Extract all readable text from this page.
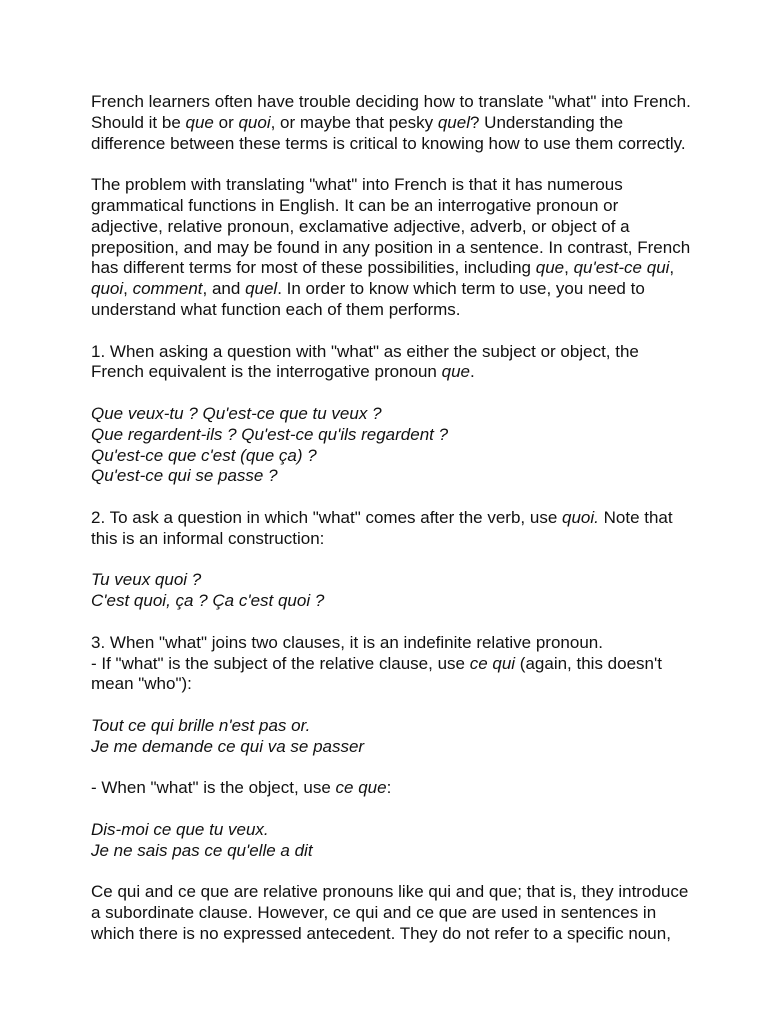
French learners often have trouble deciding how to translate "what" into French.
Should it be que or quoi, or maybe that pesky quel? Understanding the
difference between these terms is critical to knowing how to use them correctly.
The problem with translating "what" into French is that it has numerous
grammatical functions in English. It can be an interrogative pronoun or
adjective, relative pronoun, exclamative adjective, adverb, or object of a
preposition, and may be found in any position in a sentence. In contrast, French
has different terms for most of these possibilities, including que, qu'est-ce qui,
quoi, comment, and quel. In order to know which term to use, you need to
understand what function each of them performs.
1. When asking a question with "what" as either the subject or object, the
French equivalent is the interrogative pronoun que.
Que veux-tu ? Qu'est-ce que tu veux ?
Que regardent-ils ? Qu'est-ce qu'ils regardent ?
Qu'est-ce que c'est (que ça) ?
Qu'est-ce qui se passe ?
2. To ask a question in which "what" comes after the verb, use quoi. Note that
this is an informal construction:
Tu veux quoi ?
C'est quoi, ça ? Ça c'est quoi ?
3. When "what" joins two clauses, it is an indefinite relative pronoun.
- If "what" is the subject of the relative clause, use ce qui (again, this doesn't
mean "who"):
Tout ce qui brille n'est pas or.
Je me demande ce qui va se passer
- When "what" is the object, use ce que:
Dis-moi ce que tu veux.
Je ne sais pas ce qu'elle a dit
Ce qui and ce que are relative pronouns like qui and que; that is, they introduce
a subordinate clause. However, ce qui and ce que are used in sentences in
which there is no expressed antecedent. They do not refer to a specific noun,
